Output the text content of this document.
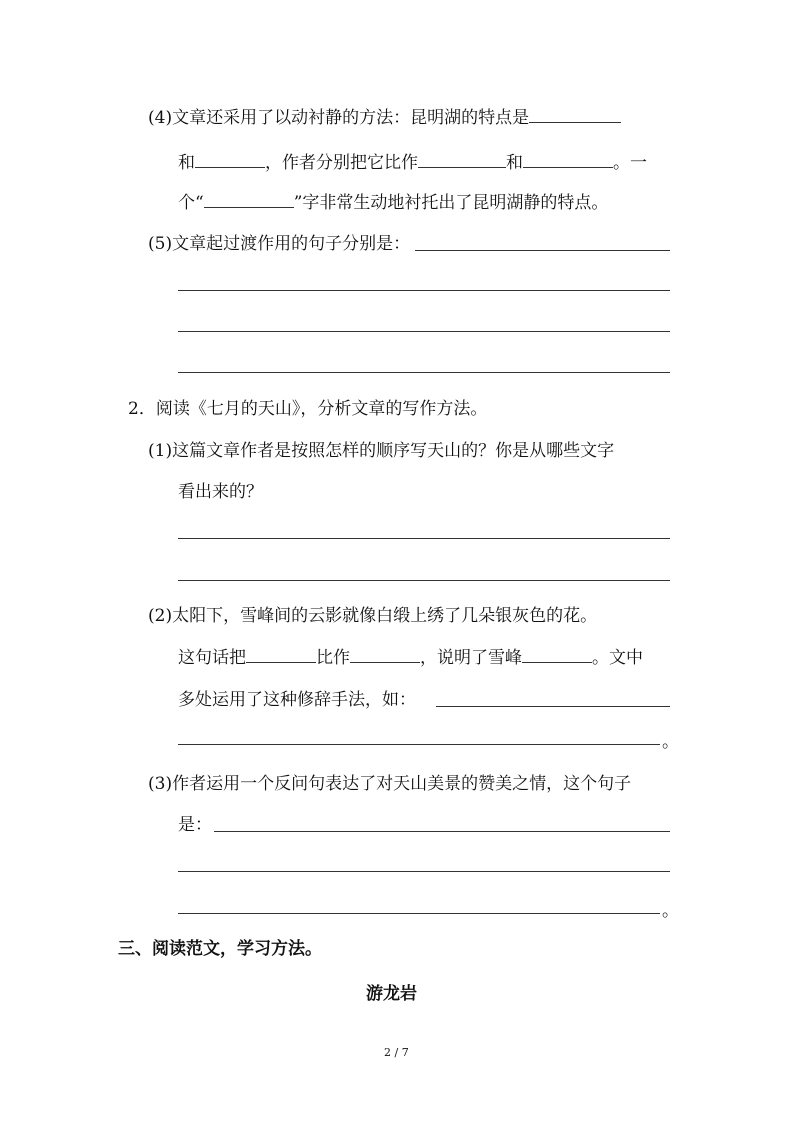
(4)文章还采用了以动衬静的方法：昆明湖的特点是
和	，作者分别把它比作	和	。一
个“	”字非常生动地衬托出了昆明湖静的特点。
(5)文章起过渡作用的句子分别是：
2．阅读《七月的天山》，分析文章的写作方法。
(1)这篇文章作者是按照怎样的顺序写天山的？你是从哪些文字
看出来的？
(2)太阳下，雪峰间的云影就像白缎上绣了几朵银灰色的花。
这句话把	比作	，说明了雪峰	。文中
多处运用了这种修辞手法，如：
。
(3)作者运用一个反问句表达了对天山美景的赞美之情，这个句子
是：
。
三、阅读范文，学习方法。
游龙岩
2 / 7
